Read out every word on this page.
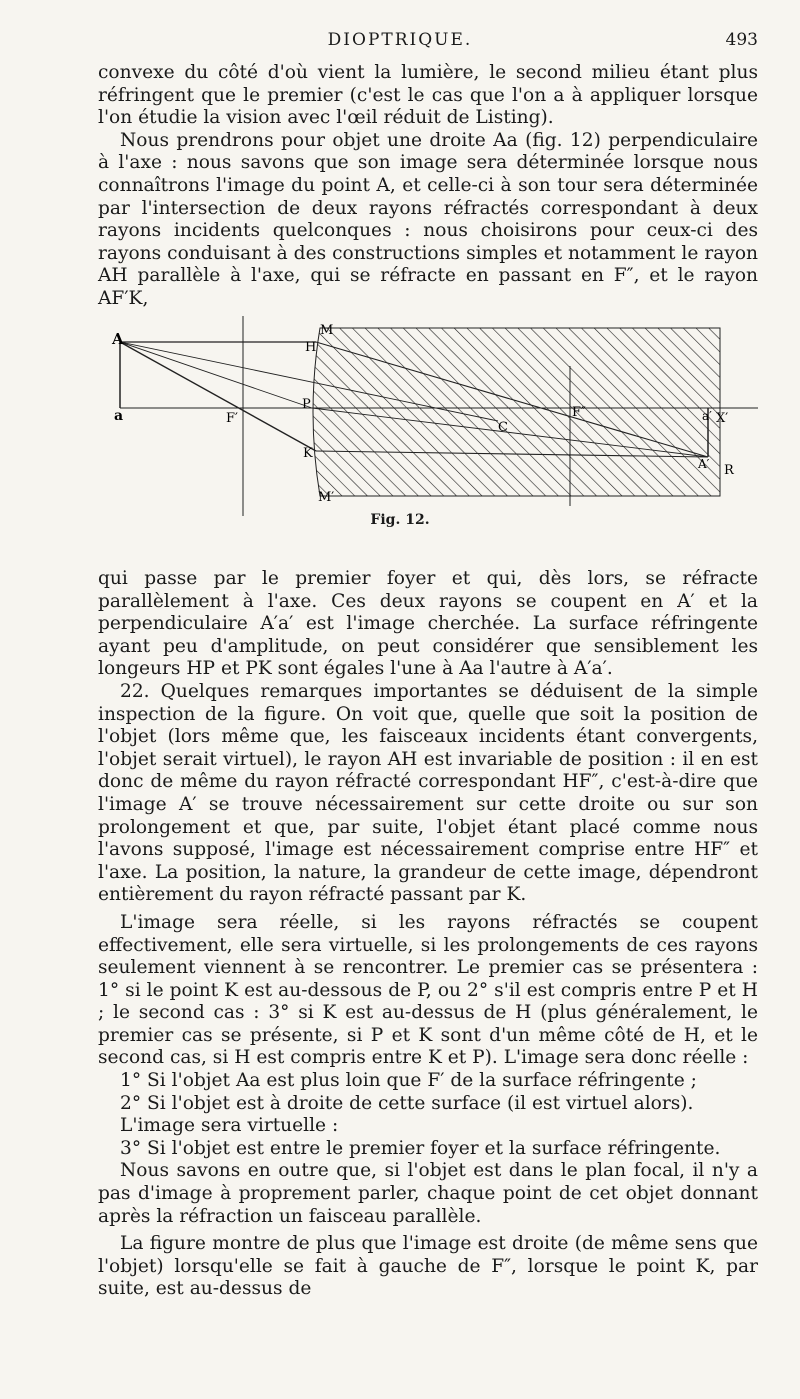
DIOPTRIQUE.	493

convexe du côté d'où vient la lumière, le second milieu étant plus réfringent que le premier (c'est le cas que l'on a à appliquer lorsque l'on étudie la vision avec l'œil réduit de Listing).

Nous prendrons pour objet une droite Aa (fig. 12) perpendiculaire à l'axe : nous savons que son image sera déterminée lorsque nous connaîtrons l'image du point A, et celle-ci à son tour sera déterminée par l'intersection de deux rayons réfractés correspondant à deux rayons incidents quelconques : nous choisirons pour ceux-ci des rayons conduisant à des constructions simples et notamment le rayon AH parallèle à l'axe, qui se réfracte en passant en F″, et le rayon AF′K,

A
a	F′
M
H
P
K
M′
C
F″	a′ X′
A′ R
Fig. 12.

qui passe par le premier foyer et qui, dès lors, se réfracte parallèlement à l'axe. Ces deux rayons se coupent en A′ et la perpendiculaire A′a′ est l'image cherchée. La surface réfringente ayant peu d'amplitude, on peut considérer que sensiblement les longeurs HP et PK sont égales l'une à Aa l'autre à A′a′.

22. Quelques remarques importantes se déduisent de la simple inspection de la figure. On voit que, quelle que soit la position de l'objet (lors même que, les faisceaux incidents étant convergents, l'objet serait virtuel), le rayon AH est invariable de position : il en est donc de même du rayon réfracté correspondant HF″, c'est-à-dire que l'image A′ se trouve nécessairement sur cette droite ou sur son prolongement et que, par suite, l'objet étant placé comme nous l'avons supposé, l'image est nécessairement comprise entre HF″ et l'axe. La position, la nature, la grandeur de cette image, dépendront entièrement du rayon réfracté passant par K.

L'image sera réelle, si les rayons réfractés se coupent effectivement, elle sera virtuelle, si les prolongements de ces rayons seulement viennent à se rencontrer. Le premier cas se présentera : 1° si le point K est au-dessous de P, ou 2° s'il est compris entre P et H ; le second cas : 3° si K est au-dessus de H (plus généralement, le premier cas se présente, si P et K sont d'un même côté de H, et le second cas, si H est compris entre K et P). L'image sera donc réelle :

1° Si l'objet Aa est plus loin que F′ de la surface réfringente ;

2° Si l'objet est à droite de cette surface (il est virtuel alors).

L'image sera virtuelle :

3° Si l'objet est entre le premier foyer et la surface réfringente.

Nous savons en outre que, si l'objet est dans le plan focal, il n'y a pas d'image à proprement parler, chaque point de cet objet donnant après la réfraction un faisceau parallèle.

La figure montre de plus que l'image est droite (de même sens que l'objet) lorsqu'elle se fait à gauche de F″, lorsque le point K, par suite, est au-dessus de
